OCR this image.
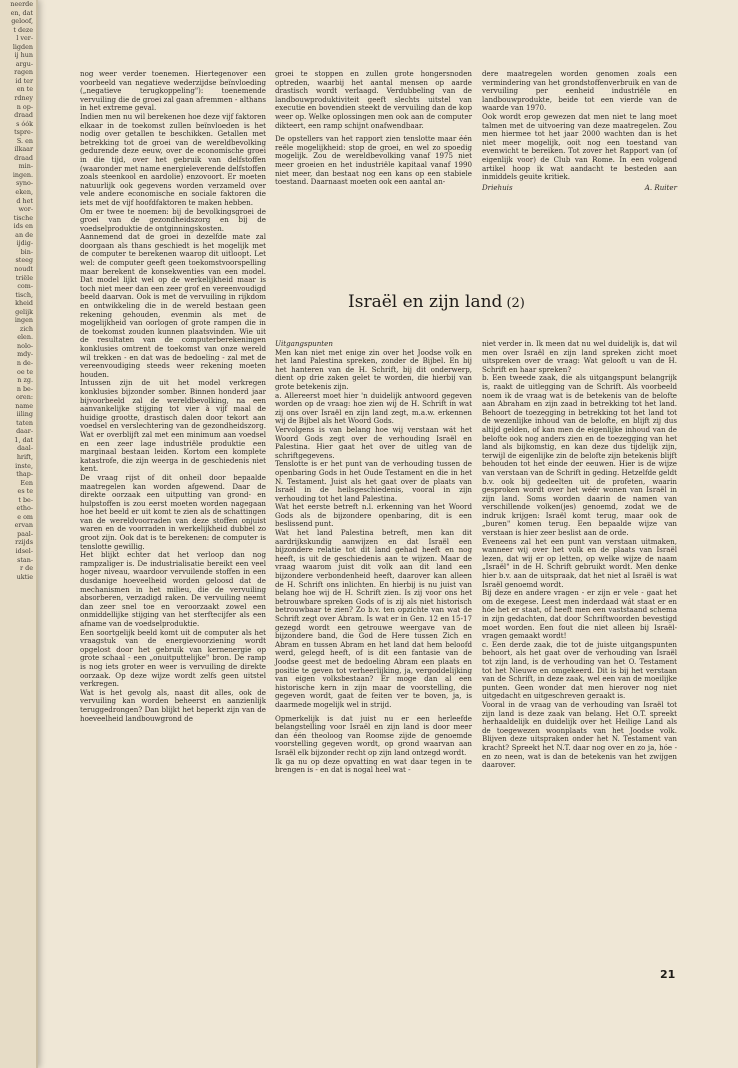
neerde
en, dat
geloof,
t deze
l ver-
ligden
ij hun
argu-
ragen
id ter
en te
rdney
n op-
draad
s óók
tspre-
S. en
ilkaar
draad
min-
ingen.
syno-
eken,
d het
wor-
tische
ids en
an de
ijdig-
bin-
steeg
noudt
triële
com-
tisch,
kheid
gelijk
ingen
zich
elen.
nolo-
mdy-
n de-
oe te
n zg.
n be-
oren:
name
iiling
taten
daar-
1, dat
daal-
hrift,
inste,
thap-
Een
es te
t be-
etho-
e om
ervan
paal-
rzijds
idsel-
stan-
r de
uktie

nog weer verder toenemen. Hiertegenover een voorbeeld van negatieve wederzijdse beïnvloeding („negatieve terugkoppeling"): toenemende vervuiling die de groei zal gaan afremmen - althans in het extreme geval.

Indien men nu wil berekenen hoe deze vijf faktoren elkaar in de toekomst zullen beïnvloeden is het nodig over getallen te beschikken. Getallen met betrekking tot de groei van de wereldbevolking gedurende deze eeuw, over de economische groei in die tijd, over het gebruik van delfstoffen (waaronder met name energieleverende delfstoffen zoals steenkool en aardolie) enzovoort. Er moeten natuurlijk ook gegevens worden verzameld over vele andere economische en sociale faktoren die iets met de vijf hoofdfaktoren te maken hebben.

Om er twee te noemen: bij de bevolkingsgroei de groei van de gezondheidszorg en bij de voedselproduktie de ontginningskosten.

Aannemend dat de groei in dezelfde mate zal doorgaan als thans geschiedt is het mogelijk met de computer te berekenen waarop dit uitloopt. Let wel: de computer geeft geen toekomstvoorspelling maar berekent de konsekwenties van een model. Dat model lijkt wel op de werkelijkheid maar is toch niet meer dan een zeer grof en vereenvoudigd beeld daarvan. Ook is met de vervuiling in rijkdom en ontwikkeling die in de wereld bestaan geen rekening gehouden, evenmin als met de mogelijkheid van oorlogen of grote rampen die in de toekomst zouden kunnen plaatsvinden. Wie uit de resultaten van de computerberekeningen konklusies omtrent de toekomst van onze wereld wil trekken - en dat was de bedoeling - zal met de vereenvoudiging steeds weer rekening moeten houden.

Intussen zijn de uit het model verkregen konklusies bijzonder somber. Binnen honderd jaar bijvoorbeeld zal de wereldbevolking, na een aanvankelijke stijging tot vier à vijf maal de huidige grootte, drastisch dalen door tekort aan voedsel en verslechtering van de gezondheidszorg. Wat er overblijft zal met een minimum aan voedsel en een zeer lage industriële produktie een marginaal bestaan leiden. Kortom een komplete katastrofe, die zijn weerga in de geschiedenis niet kent.

De vraag rijst of dit onheil door bepaalde maatregelen kan worden afgewend. Daar de direkte oorzaak een uitputting van grond- en hulpstoffen is zou eerst moeten worden nagegaan hoe het beeld er uit komt te zien als de schattingen van de wereldvoorraden van deze stoffen onjuist waren en de voorraden in werkelijkheid dubbel zo groot zijn. Ook dat is te berekenen: de computer is tenslotte gewillig.

Het blijkt echter dat het verloop dan nog rampzaliger is. De industrialisatie bereikt een veel hoger niveau, waardoor vervuilende stoffen in een dusdanige hoeveelheid worden geloosd dat de mechanismen in het milieu, die de vervuiling absorberen, verzadigd raken. De vervuiling neemt dan zeer snel toe en veroorzaakt zowel een onmiddellijke stijging van het sterftecijfer als een afname van de voedselproduktie.

Een soortgelijk beeld komt uit de computer als het vraagstuk van de energievoorziening wordt opgelost door het gebruik van kernenergie op grote schaal - een „onuitputtelijke" bron. De ramp is nog iets groter en weer is vervuiling de direkte oorzaak. Op deze wijze wordt zelfs geen uitstel verkregen.

Wat is het gevolg als, naast dit alles, ook de vervuiling kan worden beheerst en aanzienlijk teruggedrongen? Dan blijkt het beperkt zijn van de hoeveelheid landbouwgrond de

groei te stoppen en zullen grote hongersnoden optreden, waarbij het aantal mensen op aarde drastisch wordt verlaagd. Verdubbeling van de landbouwproduktiviteit geeft slechts uitstel van executie en bovendien steekt de vervuiling dan de kop weer op. Welke oplossingen men ook aan de computer dikteert, een ramp schijnt onafwendbaar.

De opstellers van het rapport zien tenslotte maar één reële mogelijkheid: stop de groei, en wel zo spoedig mogelijk. Zou de wereldbevolking vanaf 1975 niet meer groeien en het industriële kapitaal vanaf 1990 niet meer, dan bestaat nog een kans op een stabiele toestand. Daarnaast moeten ook een aantal an-

dere maatregelen worden genomen zoals een vermindering van het grondstoffenverbruik en van de vervuiling per eenheid industriële en landbouwprodukte, beide tot een vierde van de waarde van 1970.

Ook wordt erop gewezen dat men niet te lang moet talmen met de uitvoering van deze maatregelen. Zou men hiermee tot het jaar 2000 wachten dan is het niet meer mogelijk, ooit nog een toestand van evenwicht te bereiken. Tot zover het Rapport van (of eigenlijk voor) de Club van Rome. In een volgend artikel hoop ik wat aandacht te besteden aan inmiddels geuite kritiek.

Driehuis	A. Ruiter
Israël en zijn land (2)

Uitgangspunten

Men kan niet met enige zin over het Joodse volk en het land Palestina spreken, zonder de Bijbel. En bij het hanteren van de H. Schrift, bij dit onderwerp, dient op drie zaken gelet te worden, die hierbij van grote betekenis zijn.

a. Allereerst moet hier 'n duidelijk antwoord gegeven worden op de vraag: hoe zien wij de H. Schrift in wat zij ons over Israël en zijn land zegt, m.a.w. erkennen wij de Bijbel als het Woord Gods.

Vervolgens is van belang hoe wij verstaan wát het Woord Gods zegt over de verhouding Israël en Palestina. Hier gaat het over de uitleg van de schriftgegevens.

Tenslotte is er het punt van de verhouding tussen de openbaring Gods in het Oude Testament en die in het N. Testament. Juist als het gaat over de plaats van Israël in de heilsgeschiedenis, vooral in zijn verhouding tot het land Palestina.

Wat het eerste betreft n.l. erkenning van het Woord Gods als de bijzondere openbaring, dit is een beslissend punt.

Wat het land Palestina betreft, men kan dit aardrijkskundig aanwijzen en dat Israël een bijzondere relatie tot dit land gehad heeft en nog heeft, is uit de geschiedenis aan te wijzen. Maar de vraag waarom juist dit volk aan dit land een bijzondere verbondenheid heeft, daarover kan alleen de H. Schrift ons inlichten. En hierbij is nu juist van belang hoe wij de H. Schrift zien. Is zij voor ons het betrouwbare spreken Gods of is zij als niet historisch betrouwbaar te zien? Zo b.v. ten opzichte van wat de Schrift zegt over Abram. Is wat er in Gen. 12 en 15-17 gezegd wordt een getrouwe weergave van de bijzondere band, die God de Here tussen Zich en Abram en tussen Abram en het land dat hem beloofd werd, gelegd heeft, of is dit een fantasie van de Joodse geest met de bedoeling Abram een plaats en positie te geven tot verheerlijking, ja, vergoddelijking van eigen volksbestaan? Er moge dan al een historische kern in zijn maar de voorstelling, die gegeven wordt, gaat de feiten ver te boven, ja, is daarmede mogelijk wel in strijd.

Opmerkelijk is dat juist nu er een herleefde belangstelling voor Israël en zijn land is door meer dan één theoloog van Roomse zijde de genoemde voorstelling gegeven wordt, op grond waarvan aan Israël elk bijzonder recht op zijn land ontzegd wordt.

Ik ga nu op deze opvatting en wat daar tegen in te brengen is - en dat is nogal heel wat -

niet verder in. Ik meen dat nu wel duidelijk is, dat wil men over Israël en zijn land spreken zicht moet uitspreken over de vraag: Wat gelooft u van de H. Schrift en haar spreken?

b. Een tweede zaak, die als uitgangspunt belangrijk is, raakt de uitlegging van de Schrift. Als voorbeeld noem ik de vraag wat is de betekenis van de belofte aan Abraham en zijn zaad in betrekking tot het land. Behoort de toezegging in betrekking tot het land tot de wezenlijke inhoud van de belofte, en blijft zij dus altijd gelden, of kan men de eigenlijke inhoud van de belofte ook nog anders zien en de toezegging van het land als bijkomstig, en kan deze dus tijdelijk zijn, terwijl de eigenlijke zin de belofte zijn betekenis blijft behouden tot het einde der eeuwen. Hier is de wijze van verstaan van de Schrift in geding. Hetzelfde geldt b.v. ook bij gedeelten uit de profeten, waarin gesproken wordt over het wéér wonen van Israël in zijn land. Soms worden daarin de namen van verschillende volken(jes) genoemd, zodat we de indruk krijgen: Israël komt terug, maar ook de „buren" komen terug. Een bepaalde wijze van verstaan is hier zeer beslist aan de orde.

Eveneens zal het een punt van verstaan uitmaken, wanneer wij over het volk en de plaats van Israël lezen, dat wij er op letten, op welke wijze de naam „Israël" in de H. Schrift gebruikt wordt. Men denke hier b.v. aan de uitspraak, dat het niet al Israël is wat Israël genoemd wordt.

Bij deze en andere vragen - er zijn er vele - gaat het om de exegese. Leest men inderdaad wát staat er en hóe het er staat, of heeft men een vaststaand schema in zijn gedachten, dat door Schriftwoorden bevestigd moet worden. Een fout die niet alleen bij Israël-vragen gemaakt wordt!

c. Een derde zaak, die tot de juiste uitgangspunten behoort, als het gaat over de verhouding van Israël tot zijn land, is de verhouding van het O. Testament tot het Nieuwe en omgekeerd. Dit is bij het verstaan van de Schrift, in deze zaak, wel een van de moeilijke punten. Geen wonder dat men hierover nog niet uitgedacht en uitgeschreven geraakt is.

Vooral in de vraag van de verhouding van Israël tot zijn land is deze zaak van belang. Het O.T. spreekt herhaaldelijk en duidelijk over het Heilige Land als de toegewezen woonplaats van het Joodse volk. Blijven deze uitspraken onder het N. Testament van kracht? Spreekt het N.T. daar nog over en zo ja, hóe - en zo neen, wat is dan de betekenis van het zwijgen daarover.

21
